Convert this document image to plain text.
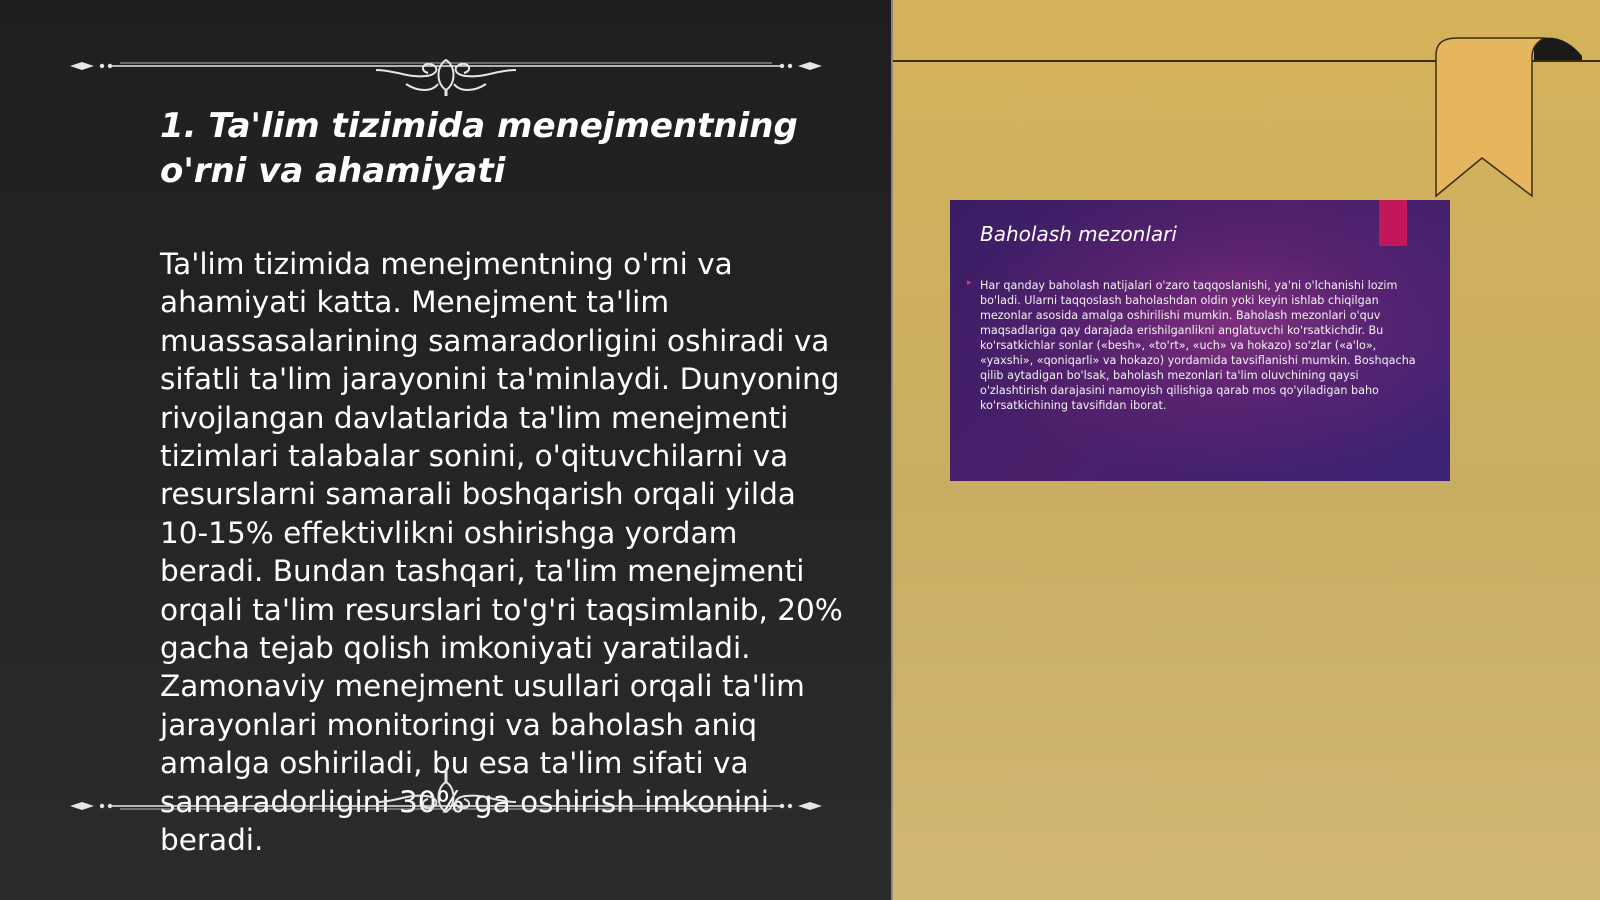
1. Ta'lim tizimida menejmentning o'rni va ahamiyati

Ta'lim tizimida menejmentning o'rni va ahamiyati katta. Menejment ta'lim muassasalarining samaradorligini oshiradi va sifatli ta'lim jarayonini ta'minlaydi. Dunyoning rivojlangan davlatlarida ta'lim menejmenti tizimlari talabalar sonini, o'qituvchilarni va resurslarni samarali boshqarish orqali yilda 10-15% effektivlikni oshirishga yordam beradi. Bundan tashqari, ta'lim menejmenti orqali ta'lim resurslari to'g'ri taqsimlanib, 20% gacha tejab qolish imkoniyati yaratiladi. Zamonaviy menejment usullari orqali ta'lim jarayonlari monitoringi va baholash aniq amalga oshiriladi, bu esa ta'lim sifati va samaradorligini 30% ga oshirish imkonini beradi.

Baholash mezonlari
▸ Har qanday baholash natijalari o'zaro taqqoslanishi, ya'ni o'lchanishi lozim bo'ladi. Ularni taqqoslash baholashdan oldin yoki keyin ishlab chiqilgan mezonlar asosida amalga oshirilishi mumkin. Baholash mezonlari o'quv maqsadlariga qay darajada erishilganlikni anglatuvchi ko'rsatkichdir. Bu ko'rsatkichlar sonlar («besh», «to'rt», «uch» va hokazo) so'zlar («a'lo», «yaxshi», «qoniqarli» va hokazo) yordamida tavsiflanishi mumkin. Boshqacha qilib aytadigan bo'lsak, baholash mezonlari ta'lim oluvchining qaysi o'zlashtirish darajasini namoyish qilishiga qarab mos qo'yiladigan baho ko'rsatkichining tavsifidan iborat.
